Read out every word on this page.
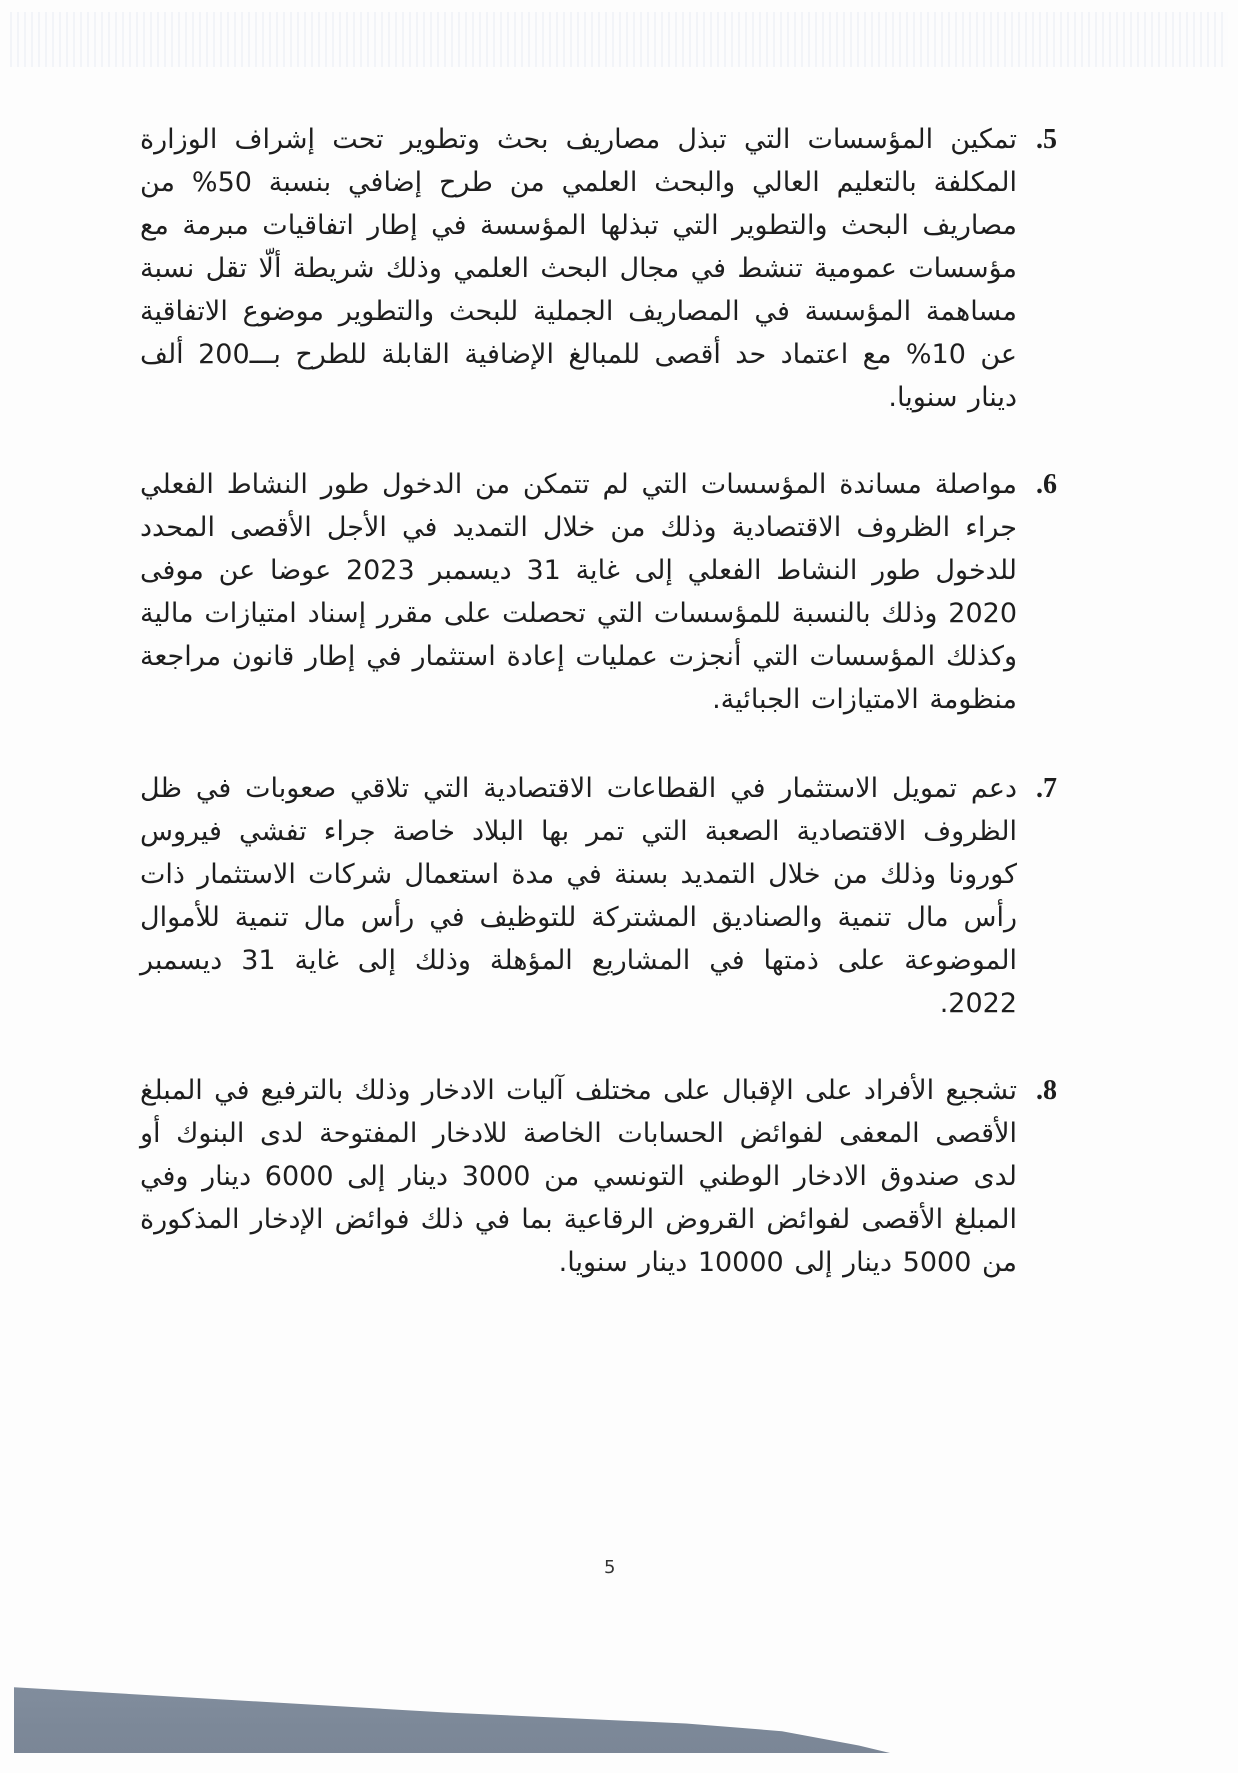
.5
تمكين المؤسسات التي تبذل مصاريف بحث وتطوير تحت إشراف الوزارة المكلفة بالتعليم العالي والبحث العلمي من طرح إضافي بنسبة 50% من مصاريف البحث والتطوير التي تبذلها المؤسسة في إطار اتفاقيات مبرمة مع مؤسسات عمومية تنشط في مجال البحث العلمي وذلك شريطة ألّا تقل نسبة مساهمة المؤسسة في المصاريف الجملية للبحث والتطوير موضوع الاتفاقية عن 10% مع اعتماد حد أقصى للمبالغ الإضافية القابلة للطرح بـــ200 ألف دينار سنويا.
.6
مواصلة مساندة المؤسسات التي لم تتمكن من الدخول طور النشاط الفعلي جراء الظروف الاقتصادية وذلك من خلال التمديد في الأجل الأقصى المحدد للدخول طور النشاط الفعلي إلى غاية 31 ديسمبر 2023 عوضا عن موفى 2020 وذلك بالنسبة للمؤسسات التي تحصلت على مقرر إسناد امتيازات مالية وكذلك المؤسسات التي أنجزت عمليات إعادة استثمار في إطار قانون مراجعة منظومة الامتيازات الجبائية.
.7
دعم تمويل الاستثمار في القطاعات الاقتصادية التي تلاقي صعوبات في ظل الظروف الاقتصادية الصعبة التي تمر بها البلاد خاصة جراء تفشي فيروس كورونا وذلك من خلال التمديد بسنة في مدة استعمال شركات الاستثمار ذات رأس مال تنمية والصناديق المشتركة للتوظيف في رأس مال تنمية للأموال الموضوعة على ذمتها في المشاريع المؤهلة وذلك إلى غاية 31 ديسمبر 2022.
.8
تشجيع الأفراد على الإقبال على مختلف آليات الادخار وذلك بالترفيع في المبلغ الأقصى المعفى لفوائض الحسابات الخاصة للادخار المفتوحة لدى البنوك أو لدى صندوق الادخار الوطني التونسي من 3000 دينار إلى 6000 دينار وفي المبلغ الأقصى لفوائض القروض الرقاعية بما في ذلك فوائض الإدخار المذكورة من 5000 دينار إلى 10000 دينار سنويا.
5
